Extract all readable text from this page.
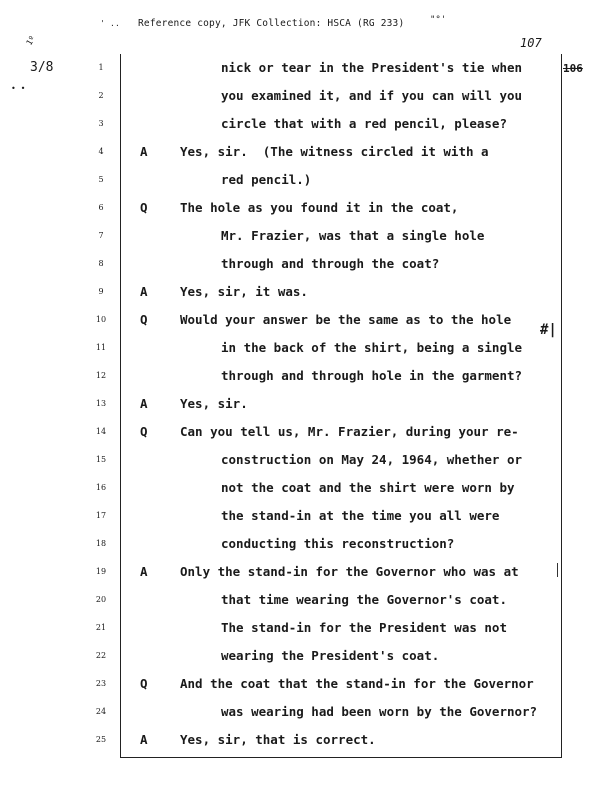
' .. Reference copy, JFK Collection: HSCA (RG 233)	"°'
1º
3/8
• •
107
106
#|
1	nick or tear in the President's tie when
2	you examined it, and if you can will you
3	circle that with a red pencil, please?
4	A	Yes, sir.  (The witness circled it with a
5	red pencil.)
6	Q	The hole as you found it in the coat,
7	Mr. Frazier, was that a single hole
8	through and through the coat?
9	A	Yes, sir, it was.
10	Q	Would your answer be the same as to the hole
11	in the back of the shirt, being a single
12	through and through hole in the garment?
13	A	Yes, sir.
14	Q	Can you tell us, Mr. Frazier, during your re-
15	construction on May 24, 1964, whether or
16	not the coat and the shirt were worn by
17	the stand-in at the time you all were
18	conducting this reconstruction?
19	A	Only the stand-in for the Governor who was at
20	that time wearing the Governor's coat.
21	The stand-in for the President was not
22	wearing the President's coat.
23	Q	And the coat that the stand-in for the Governor
24	was wearing had been worn by the Governor?
25	A	Yes, sir, that is correct.
